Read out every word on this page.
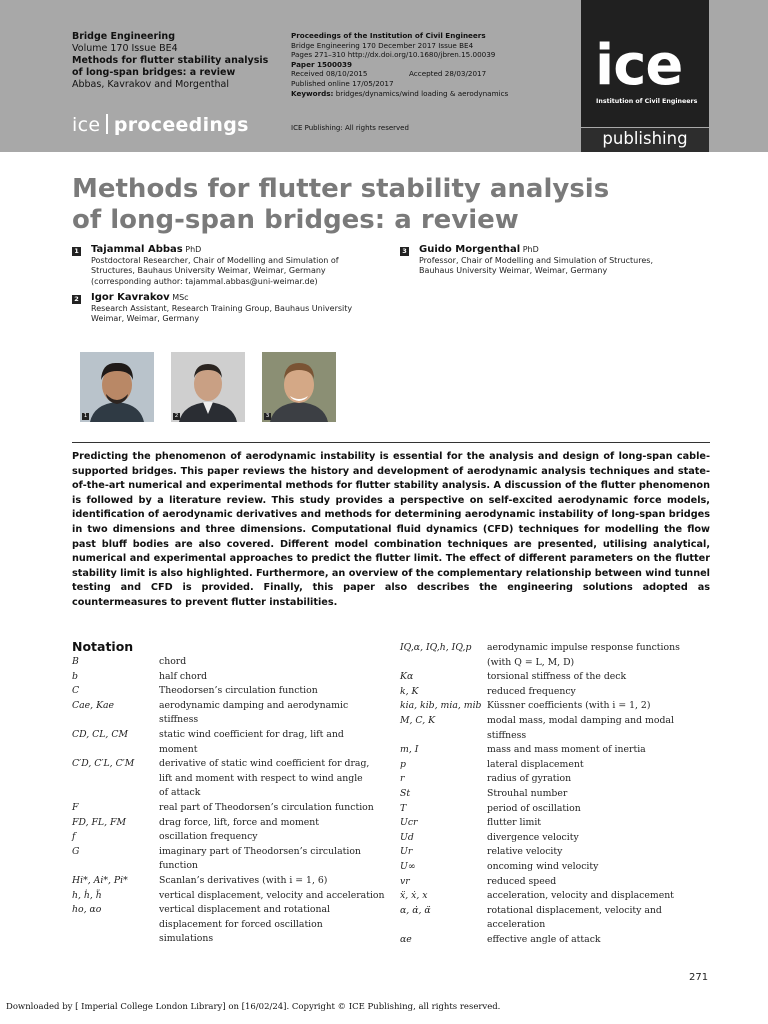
Bridge Engineering
Volume 170 Issue BE4
Methods for flutter stability analysis
of long-span bridges: a review
Abbas, Kavrakov and Morgenthal
Proceedings of the Institution of Civil Engineers
Bridge Engineering 170 December 2017 Issue BE4
Pages 271–310 http://dx.doi.org/10.1680/jbren.15.00039
Paper 1500039
Received 08/10/2015	Accepted 28/03/2017
Published online 17/05/2017
Keywords: bridges/dynamics/wind loading & aerodynamics
ice proceedings	ICE Publishing: All rights reserved
ice
Institution of Civil Engineers
publishing
Methods for flutter stability analysis
of long-span bridges: a review
1 Tajammal Abbas PhD
Postdoctoral Researcher, Chair of Modelling and Simulation of
Structures, Bauhaus University Weimar, Weimar, Germany
(corresponding author: tajammal.abbas@uni-weimar.de)
2 Igor Kavrakov MSc
Research Assistant, Research Training Group, Bauhaus University
Weimar, Weimar, Germany
3 Guido Morgenthal PhD
Professor, Chair of Modelling and Simulation of Structures,
Bauhaus University Weimar, Weimar, Germany
1	2	3
Predicting the phenomenon of aerodynamic instability is essential for the analysis and design of long-span cable-supported bridges. This paper reviews the history and development of aerodynamic analysis techniques and state-of-the-art numerical and experimental methods for flutter stability analysis. A discussion of the flutter phenomenon is followed by a literature review. This study provides a perspective on self-excited aerodynamic force models, identification of aerodynamic derivatives and methods for determining aerodynamic instability of long-span bridges in two dimensions and three dimensions. Computational fluid dynamics (CFD) techniques for modelling the flow past bluff bodies are also covered. Different model combination techniques are presented, utilising analytical, numerical and experimental approaches to predict the flutter limit. The effect of different parameters on the flutter stability limit is also highlighted. Furthermore, an overview of the complementary relationship between wind tunnel testing and CFD is provided. Finally, this paper also describes the engineering solutions adopted as countermeasures to prevent flutter instabilities.
Notation
B	chord
b	half chord
C	Theodorsen’s circulation function
Cae, Kae	aerodynamic damping and aerodynamic
stiffness
CD, CL, CM	static wind coefficient for drag, lift and
moment
C′D, C′L, C′M	derivative of static wind coefficient for drag,
lift and moment with respect to wind angle
of attack
F	real part of Theodorsen’s circulation function
FD, FL, FM	drag force, lift, force and moment
f	oscillation frequency
G	imaginary part of Theodorsen’s circulation
function
Hi*, Ai*, Pi*	Scanlan’s derivatives (with i = 1, 6)
h, ḣ, ḧ	vertical displacement, velocity and acceleration
ho, αo	vertical displacement and rotational
displacement for forced oscillation
simulations
IQ,α, IQ,h, IQ,p aerodynamic impulse response functions
(with Q = L, M, D)
Kα	torsional stiffness of the deck
k, K	reduced frequency
kia, kib, mia, mib Küssner coefficients (with i = 1, 2)
M, C, K	modal mass, modal damping and modal
stiffness
m, I	mass and mass moment of inertia
p	lateral displacement
r	radius of gyration
St	Strouhal number
T	period of oscillation
Ucr	flutter limit
Ud	divergence velocity
Ur	relative velocity
U∞	oncoming wind velocity
vr	reduced speed
ẍ, ẋ, x	acceleration, velocity and displacement
α, α̇, α̈	rotational displacement, velocity and
acceleration
αe	effective angle of attack
271
Downloaded by [ Imperial College London Library] on [16/02/24]. Copyright © ICE Publishing, all rights reserved.
